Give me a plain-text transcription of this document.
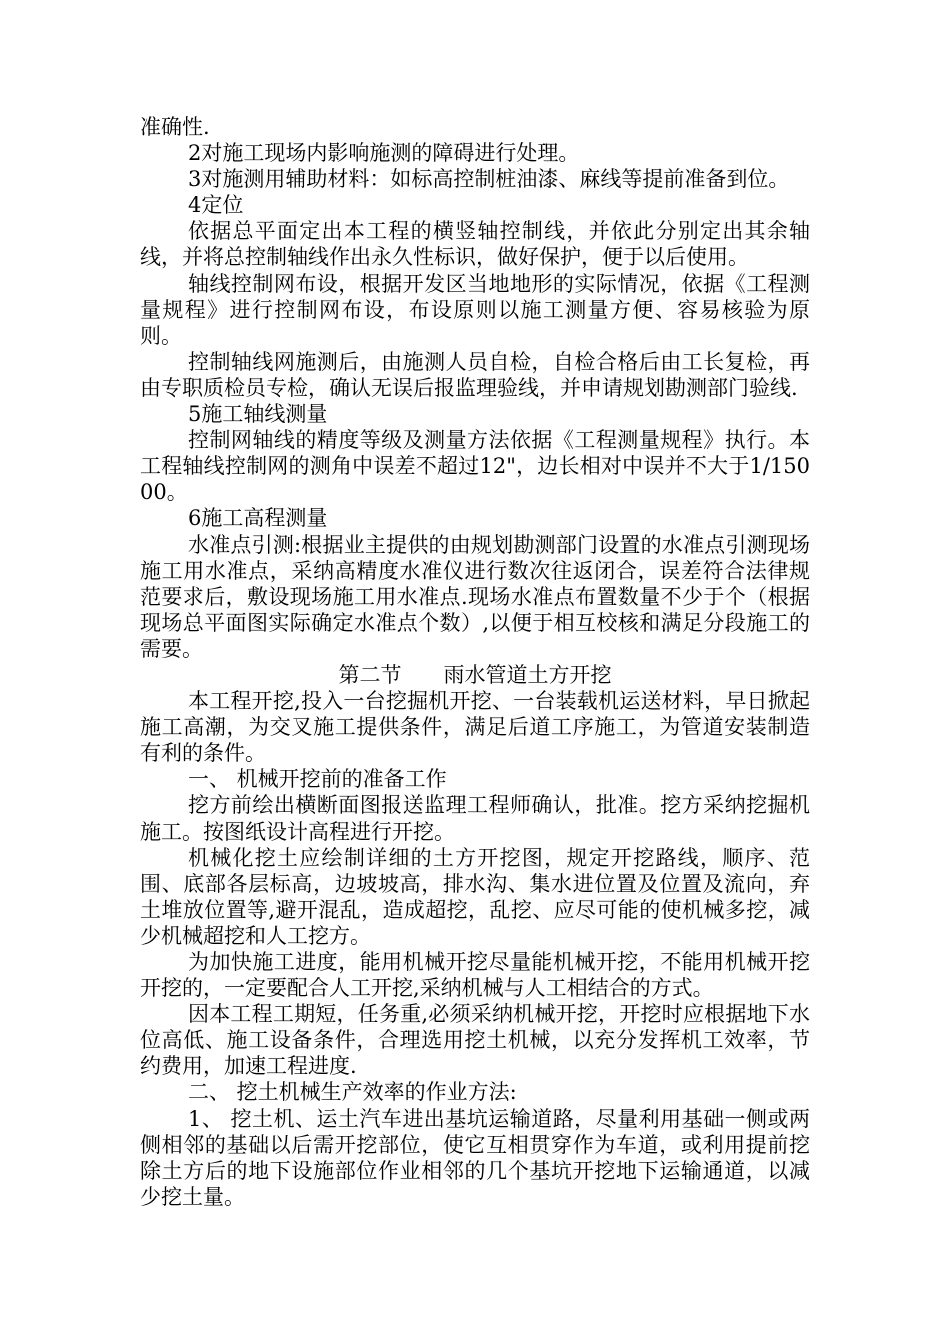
准确性.

2对施工现场内影响施测的障碍进行处理。

3对施测用辅助材料：如标高控制桩油漆、麻线等提前准备到位。

4定位

依据总平面定出本工程的横竖轴控制线，并依此分别定出其余轴线，并将总控制轴线作出永久性标识，做好保护，便于以后使用。

轴线控制网布设，根据开发区当地地形的实际情况，依据《工程测量规程》进行控制网布设，布设原则以施工测量方便、容易核验为原则。

控制轴线网施测后，由施测人员自检，自检合格后由工长复检，再由专职质检员专检，确认无误后报监理验线，并申请规划勘测部门验线.

5施工轴线测量

控制网轴线的精度等级及测量方法依据《工程测量规程》执行。本工程轴线控制网的测角中误差不超过12"，边长相对中误并不大于1/15000。

6施工高程测量

水准点引测:根据业主提供的由规划勘测部门设置的水准点引测现场施工用水准点，采纳高精度水准仪进行数次往返闭合，误差符合法律规范要求后，敷设现场施工用水准点.现场水准点布置数量不少于个（根据现场总平面图实际确定水准点个数）,以便于相互校核和满足分段施工的需要。

第二节　　雨水管道土方开挖

本工程开挖,投入一台挖掘机开挖、一台装载机运送材料，早日掀起施工高潮，为交叉施工提供条件，满足后道工序施工，为管道安装制造有利的条件。

一、 机械开挖前的准备工作

挖方前绘出横断面图报送监理工程师确认，批准。挖方采纳挖掘机施工。按图纸设计高程进行开挖。

机械化挖土应绘制详细的土方开挖图，规定开挖路线，顺序、范围、底部各层标高，边坡坡高，排水沟、集水进位置及位置及流向，弃土堆放位置等,避开混乱，造成超挖，乱挖、应尽可能的使机械多挖，减少机械超挖和人工挖方。

为加快施工进度，能用机械开挖尽量能机械开挖，不能用机械开挖开挖的，一定要配合人工开挖,采纳机械与人工相结合的方式。

因本工程工期短，任务重,必须采纳机械开挖，开挖时应根据地下水位高低、施工设备条件，合理选用挖土机械，以充分发挥机工效率，节约费用，加速工程进度.

二、 挖土机械生产效率的作业方法:

1、 挖土机、运土汽车进出基坑运输道路，尽量利用基础一侧或两侧相邻的基础以后需开挖部位，使它互相贯穿作为车道，或利用提前挖除土方后的地下设施部位作业相邻的几个基坑开挖地下运输通道，以减少挖土量。
